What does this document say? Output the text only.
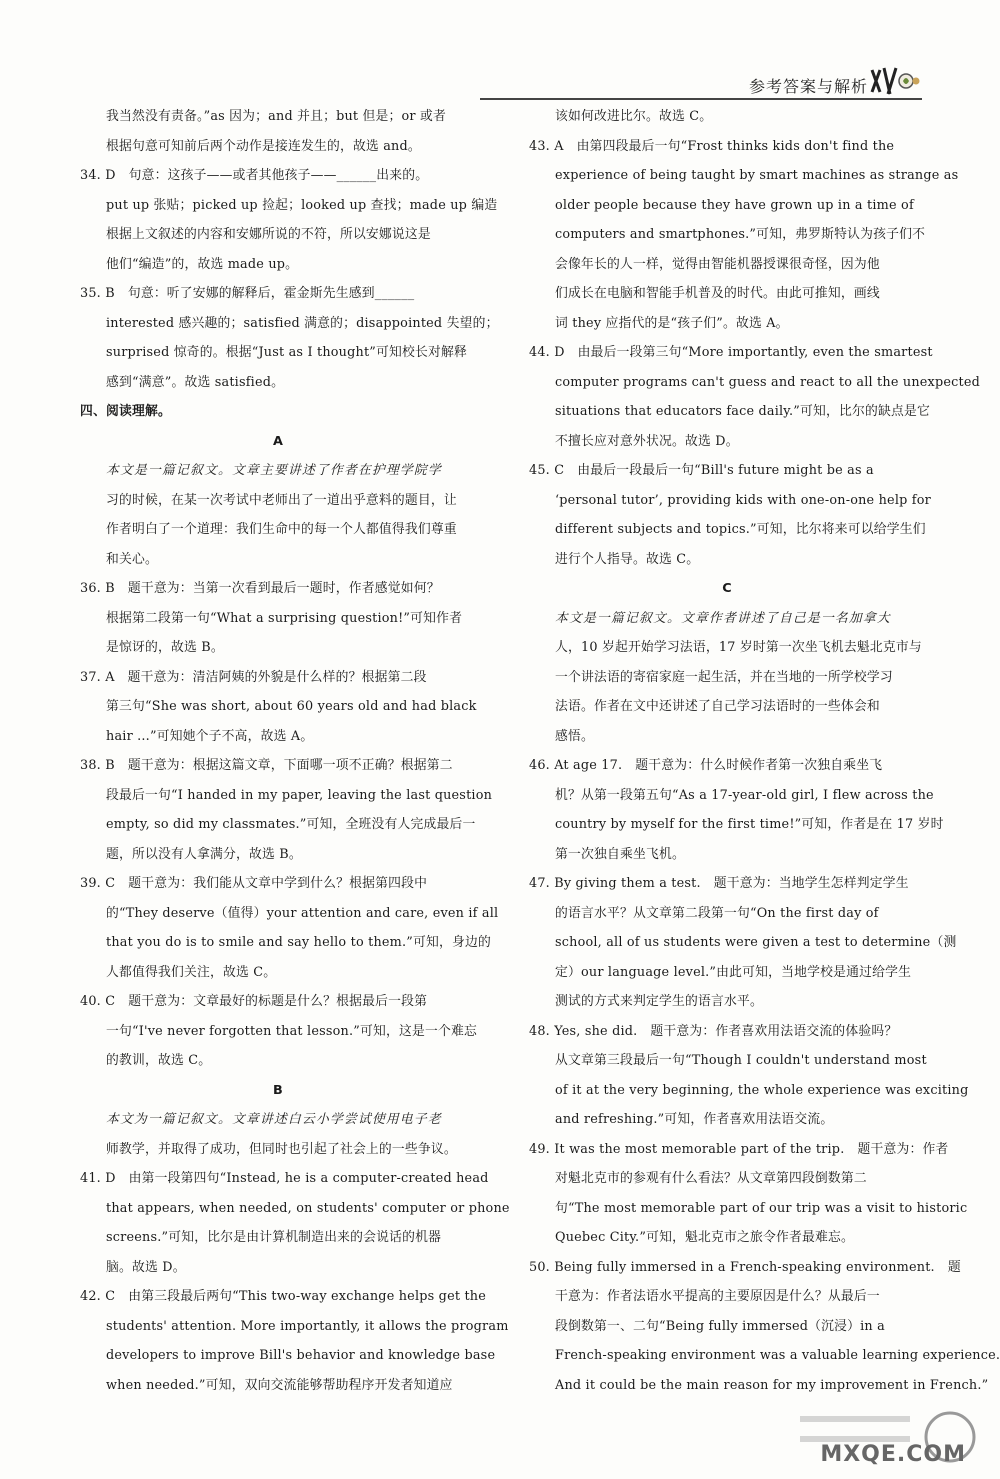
参考答案与解析
我当然没有责备。”as 因为；and 并且；but 但是；or 或者
根据句意可知前后两个动作是接连发生的，故选 and。
34. D　句意：这孩子——或者其他孩子——______出来的。
put up 张贴；picked up 捡起；looked up 查找；made up 编造
根据上文叙述的内容和安娜所说的不符，所以安娜说这是
他们“编造”的，故选 made up。
35. B　句意：听了安娜的解释后，霍金斯先生感到______
interested 感兴趣的；satisfied 满意的；disappointed 失望的；
surprised 惊奇的。根据“Just as I thought”可知校长对解释
感到“满意”。故选 satisfied。
四、阅读理解。
A
本文是一篇记叙文。文章主要讲述了作者在护理学院学
习的时候，在某一次考试中老师出了一道出乎意料的题目，让
作者明白了一个道理：我们生命中的每一个人都值得我们尊重
和关心。
36. B　题干意为：当第一次看到最后一题时，作者感觉如何？
根据第二段第一句“What a surprising question!”可知作者
是惊讶的，故选 B。
37. A　题干意为：清洁阿姨的外貌是什么样的？根据第二段
第三句“She was short, about 60 years old and had black
hair ...”可知她个子不高，故选 A。
38. B　题干意为：根据这篇文章，下面哪一项不正确？根据第二
段最后一句“I handed in my paper, leaving the last question
empty, so did my classmates.”可知，全班没有人完成最后一
题，所以没有人拿满分，故选 B。
39. C　题干意为：我们能从文章中学到什么？根据第四段中
的“They deserve（值得）your attention and care, even if all
that you do is to smile and say hello to them.”可知，身边的
人都值得我们关注，故选 C。
40. C　题干意为：文章最好的标题是什么？根据最后一段第
一句“I've never forgotten that lesson.”可知，这是一个难忘
的教训，故选 C。
B
本文为一篇记叙文。文章讲述白云小学尝试使用电子老
师教学，并取得了成功，但同时也引起了社会上的一些争议。
41. D　由第一段第四句“Instead, he is a computer-created head
that appears, when needed, on students' computer or phone
screens.”可知，比尔是由计算机制造出来的会说话的机器
脑。故选 D。
42. C　由第三段最后两句“This two-way exchange helps get the
students' attention. More importantly, it allows the program
developers to improve Bill's behavior and knowledge base
when needed.”可知，双向交流能够帮助程序开发者知道应
该如何改进比尔。故选 C。
43. A　由第四段最后一句“Frost thinks kids don't find the
experience of being taught by smart machines as strange as
older people because they have grown up in a time of
computers and smartphones.”可知，弗罗斯特认为孩子们不
会像年长的人一样，觉得由智能机器授课很奇怪，因为他
们成长在电脑和智能手机普及的时代。由此可推知，画线
词 they 应指代的是“孩子们”。故选 A。
44. D　由最后一段第三句“More importantly, even the smartest
computer programs can't guess and react to all the unexpected
situations that educators face daily.”可知，比尔的缺点是它
不擅长应对意外状况。故选 D。
45. C　由最后一段最后一句“Bill's future might be as a
‘personal tutor’, providing kids with one-on-one help for
different subjects and topics.”可知，比尔将来可以给学生们
进行个人指导。故选 C。
C
本文是一篇记叙文。文章作者讲述了自己是一名加拿大
人，10 岁起开始学习法语，17 岁时第一次坐飞机去魁北克市与
一个讲法语的寄宿家庭一起生活，并在当地的一所学校学习
法语。作者在文中还讲述了自己学习法语时的一些体会和
感悟。
46. At age 17.　题干意为：什么时候作者第一次独自乘坐飞
机？从第一段第五句“As a 17-year-old girl, I flew across the
country by myself for the first time!”可知，作者是在 17 岁时
第一次独自乘坐飞机。
47. By giving them a test.　题干意为：当地学生怎样判定学生
的语言水平？从文章第二段第一句“On the first day of
school, all of us students were given a test to determine（测
定）our language level.”由此可知，当地学校是通过给学生
测试的方式来判定学生的语言水平。
48. Yes, she did.　题干意为：作者喜欢用法语交流的体验吗？
从文章第三段最后一句“Though I couldn't understand most
of it at the very beginning, the whole experience was exciting
and refreshing.”可知，作者喜欢用法语交流。
49. It was the most memorable part of the trip.　题干意为：作者
对魁北克市的参观有什么看法？从文章第四段倒数第二
句“The most memorable part of our trip was a visit to historic
Quebec City.”可知，魁北克市之旅令作者最难忘。
50. Being fully immersed in a French-speaking environment.　题
干意为：作者法语水平提高的主要原因是什么？从最后一
段倒数第一、二句“Being fully immersed（沉浸）in a
French-speaking environment was a valuable learning experience.
And it could be the main reason for my improvement in French.”
MXQE.COM
